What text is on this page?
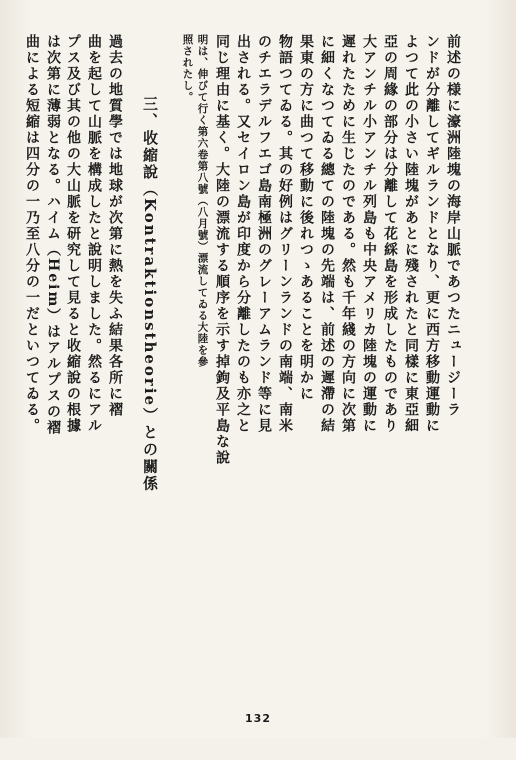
前述の様に濠洲陸塊の海岸山脈であつたニュージーラ
ンドが分離してギルランドとなり、更に西方移動運動に
よつて此の小さい陸塊があとに殘されたと同樣に東亞細
亞の周緣の部分は分離して花綵島を形成したものであり
大アンチル小アンチル列島も中央アメリカ陸塊の運動に
遲れたために生じたのである。然も千年綫の方向に次第
に細くなつてゐる總ての陸塊の先端は、前述の遲滯の結
果東の方に曲つて移動に後れつゝあることを明かに
物語つてゐる。其の好例はグリーンランドの南端、南米
のチエラデルフエゴ島南極洲のグレーアムランド等に見
出される。又セイロン島が印度から分離したのも亦之と
同じ理由に基く。大陸の漂流する順序を示す掉鉤及平島な說
明は、伸びて行く第六卷第八號（八月號）漂流してゐる大陸を參
照されたし。
三、收縮說（Kontraktionstheorie）との關係
過去の地質學では地球が次第に熱を失ふ結果各所に褶
曲を起して山脈を構成したと說明しました。然るにアル
プス及び其の他の大山脈を研究して見ると收縮說の根據
は次第に薄弱となる。ハイム（Heim）はアルプスの褶
曲による短縮は四分の一乃至八分の一だといつてゐる。
132
